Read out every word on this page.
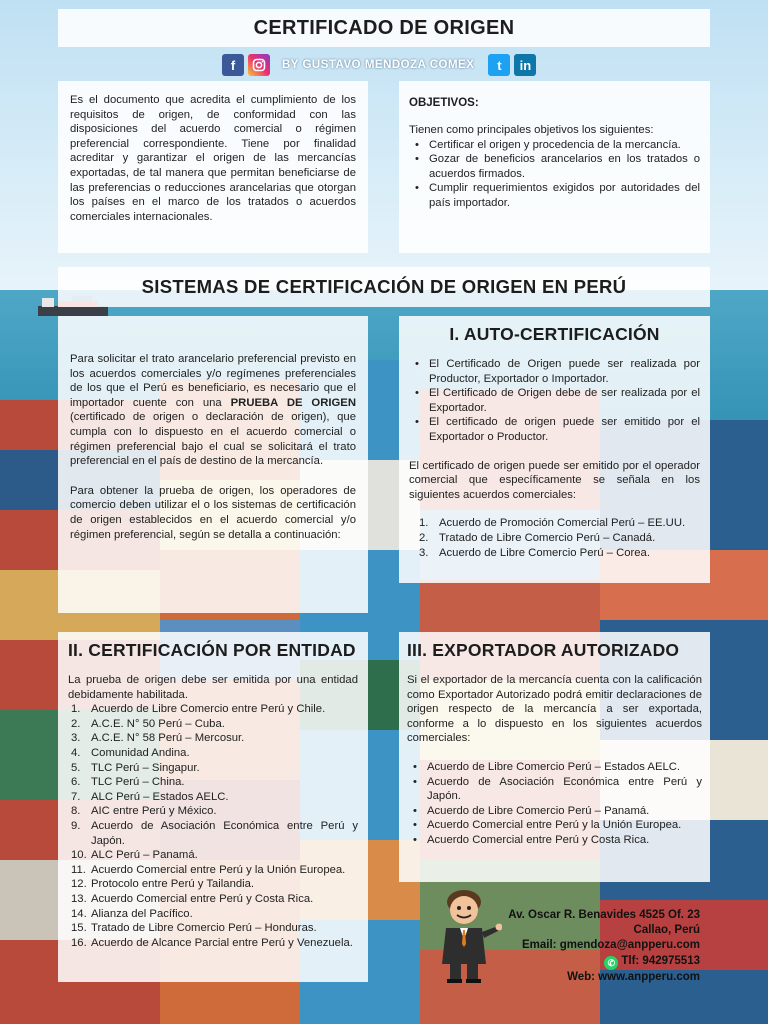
CERTIFICADO DE ORIGEN
f	BY GUSTAVO MENDOZA COMEX	t	in

Es el documento que acredita el cumplimiento de los requisitos de origen, de conformidad con las disposiciones del acuerdo comercial o régimen preferencial correspondiente. Tiene por finalidad acreditar y garantizar el origen de las mercancías exportadas, de tal manera que permitan beneficiarse de las preferencias o reducciones arancelarias que otorgan los países en el marco de los tratados o acuerdos comerciales internacionales.

OBJETIVOS:

Tienen como principales objetivos los siguientes:

• Certificar el origen y procedencia de la mercancía.
• Gozar de beneficios arancelarios en los tratados o acuerdos firmados.
• Cumplir requerimientos exigidos por autoridades del país importador.
SISTEMAS DE CERTIFICACIÓN DE ORIGEN EN PERÚ

Para solicitar el trato arancelario preferencial previsto en los acuerdos comerciales y/o regímenes preferenciales de los que el Perú es beneficiario, es necesario que el importador cuente con una PRUEBA DE ORIGEN (certificado de origen o declaración de origen), que cumpla con lo dispuesto en el acuerdo comercial o régimen preferencial bajo el cual se solicitará el trato preferencial en el país de destino de la mercancía.

Para obtener la prueba de origen, los operadores de comercio deben utilizar el o los sistemas de certificación de origen establecidos en el acuerdo comercial y/o régimen preferencial, según se detalla a continuación:

I. AUTO-CERTIFICACIÓN
• El Certificado de Origen puede ser realizada por Productor, Exportador o Importador.
• El Certificado de Origen debe de ser realizada por el Exportador.
• El certificado de origen puede ser emitido por el Exportador o Productor.

El certificado de origen puede ser emitido por el operador comercial que específicamente se señala en los siguientes acuerdos comerciales:

1. Acuerdo de Promoción Comercial Perú – EE.UU.
2. Tratado de Libre Comercio Perú – Canadá.
3. Acuerdo de Libre Comercio Perú – Corea.
II. CERTIFICACIÓN POR ENTIDAD

La prueba de origen debe ser emitida por una entidad debidamente habilitada.

1. Acuerdo de Libre Comercio entre Perú y Chile.
2. A.C.E. N° 50 Perú – Cuba.
3. A.C.E. N° 58 Perú – Mercosur.
4. Comunidad Andina.
5. TLC Perú – Singapur.
6. TLC Perú – China.
7. ALC Perú – Estados AELC.
8. AIC entre Perú y México.
9. Acuerdo de Asociación Económica entre Perú y Japón.
10. ALC Perú – Panamá.
11. Acuerdo Comercial entre Perú y la Unión Europea.
12. Protocolo entre Perú y Tailandia.
13. Acuerdo Comercial entre Perú y Costa Rica.
14. Alianza del Pacífico.
15. Tratado de Libre Comercio Perú – Honduras.
16. Acuerdo de Alcance Parcial entre Perú y Venezuela.
III. EXPORTADOR AUTORIZADO

Si el exportador de la mercancía cuenta con la calificación como Exportador Autorizado podrá emitir declaraciones de origen respecto de la mercancía a ser exportada, conforme a lo dispuesto en los siguientes acuerdos comerciales:

• Acuerdo de Libre Comercio Perú – Estados AELC.
• Acuerdo de Asociación Económica entre Perú y Japón.
• Acuerdo de Libre Comercio Perú – Panamá.
• Acuerdo Comercial entre Perú y la Unión Europea.
• Acuerdo Comercial entre Perú y Costa Rica.
Av. Oscar R. Benavides 4525 Of. 23
Callao, Perú
Email: gmendoza@anpperu.com
✆ Tlf: 942975513
Web: www.anpperu.com
